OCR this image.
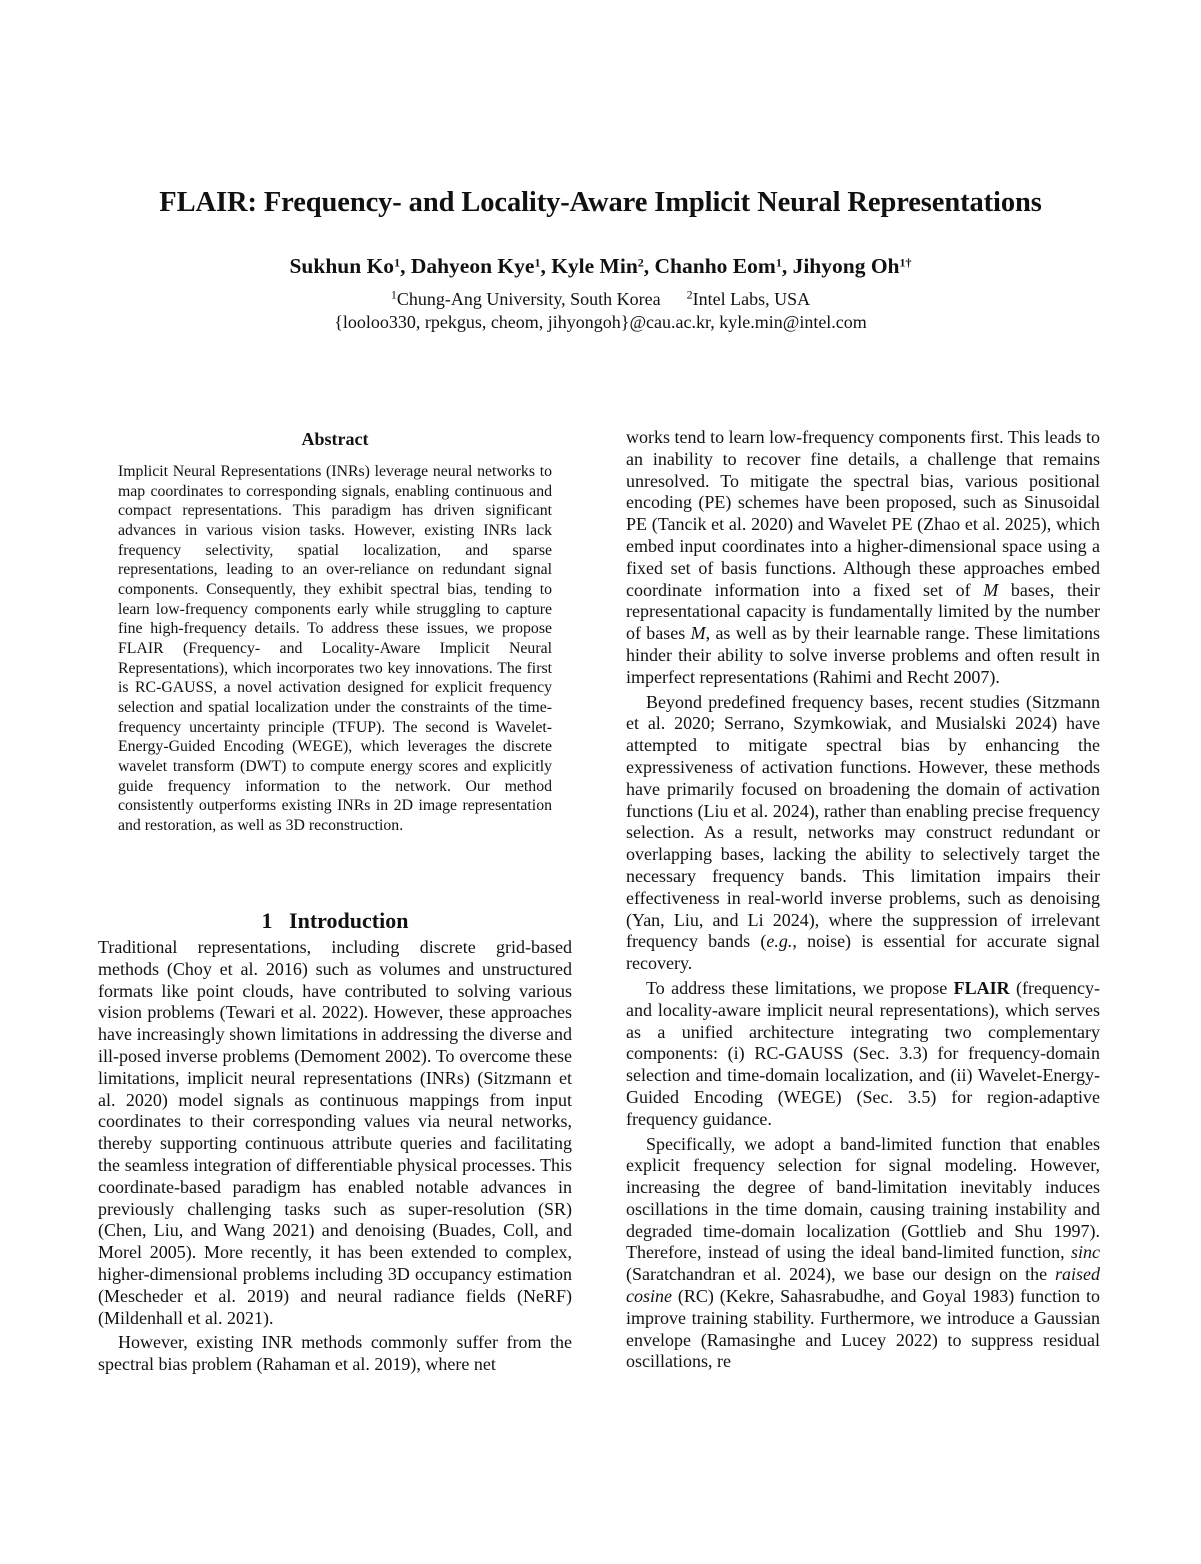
FLAIR: Frequency- and Locality-Aware Implicit Neural Representations
Sukhun Ko$^1$, Dahyeon Kye$^1$, Kyle Min$^2$, Chanho Eom$^1$, Jihyong $Oh^{1\dagger}$
$^1$Chung-Ang University, South Korea $^2$Intel Labs, USA
{looloo330, rpekgus, cheom, jihyongoh}@cau.ac.kr, kyle.min@intel.com
Abstract
Implicit Neural Representations (INRs) leverage neural networks to map coordinates to corresponding signals, enabling continuous and compact representations. This paradigm has driven significant advances in various vision tasks. However, existing INRs lack frequency selectivity, spatial localization, and sparse representations, leading to an over-reliance on redundant signal components. Consequently, they exhibit spectral bias, tending to learn low-frequency components early while struggling to capture fine high-frequency details. To address these issues, we propose FLAIR (Frequency- and Locality-Aware Implicit Neural Representations), which incorporates two key innovations. The first is RC-GAUSS, a novel activation designed for explicit frequency selection and spatial localization under the constraints of the time-frequency uncertainty principle (TFUP). The second is Wavelet-Energy-Guided Encoding (WEGE), which leverages the discrete wavelet transform (DWT) to compute energy scores and explicitly guide frequency information to the network. Our method consistently outperforms existing INRs in 2D image representation and restoration, as well as 3D reconstruction.
1 Introduction

Traditional representations, including discrete grid-based methods (Choy et al. 2016) such as volumes and unstructured formats like point clouds, have contributed to solving various vision problems (Tewari et al. 2022). However, these approaches have increasingly shown limitations in addressing the diverse and ill-posed inverse problems (Demoment 2002). To overcome these limitations, implicit neural representations (INRs) (Sitzmann et al. 2020) model signals as continuous mappings from input coordinates to their corresponding values via neural networks, thereby supporting continuous attribute queries and facilitating the seamless integration of differentiable physical processes. This coordinate-based paradigm has enabled notable advances in previously challenging tasks such as super-resolution (SR) (Chen, Liu, and Wang 2021) and denoising (Buades, Coll, and Morel 2005). More recently, it has been extended to complex, higher-dimensional problems including 3D occupancy estimation (Mescheder et al. 2019) and neural radiance fields (NeRF) (Mildenhall et al. 2021).

However, existing INR methods commonly suffer from the spectral bias problem (Rahaman et al. 2019), where net

works tend to learn low-frequency components first. This leads to an inability to recover fine details, a challenge that remains unresolved. To mitigate the spectral bias, various positional encoding (PE) schemes have been proposed, such as Sinusoidal PE (Tancik et al. 2020) and Wavelet PE (Zhao et al. 2025), which embed input coordinates into a higher-dimensional space using a fixed set of basis functions. Although these approaches embed coordinate information into a fixed set of M bases, their representational capacity is fundamentally limited by the number of bases M, as well as by their learnable range. These limitations hinder their ability to solve inverse problems and often result in imperfect representations (Rahimi and Recht 2007).

Beyond predefined frequency bases, recent studies (Sitzmann et al. 2020; Serrano, Szymkowiak, and Musialski 2024) have attempted to mitigate spectral bias by enhancing the expressiveness of activation functions. However, these methods have primarily focused on broadening the domain of activation functions (Liu et al. 2024), rather than enabling precise frequency selection. As a result, networks may construct redundant or overlapping bases, lacking the ability to selectively target the necessary frequency bands. This limitation impairs their effectiveness in real-world inverse problems, such as denoising (Yan, Liu, and Li 2024), where the suppression of irrelevant frequency bands (e.g., noise) is essential for accurate signal recovery.

To address these limitations, we propose FLAIR (frequency- and locality-aware implicit neural representations), which serves as a unified architecture integrating two complementary components: (i) RC-GAUSS (Sec. 3.3) for frequency-domain selection and time-domain localization, and (ii) Wavelet-Energy-Guided Encoding (WEGE) (Sec. 3.5) for region-adaptive frequency guidance.

Specifically, we adopt a band-limited function that enables explicit frequency selection for signal modeling. However, increasing the degree of band-limitation inevitably induces oscillations in the time domain, causing training instability and degraded time-domain localization (Gottlieb and Shu 1997). Therefore, instead of using the ideal band-limited function, sinc (Saratchandran et al. 2024), we base our design on the raised cosine (RC) (Kekre, Sahasrabudhe, and Goyal 1983) function to improve training stability. Furthermore, we introduce a Gaussian envelope (Ramasinghe and Lucey 2022) to suppress residual oscillations, re
